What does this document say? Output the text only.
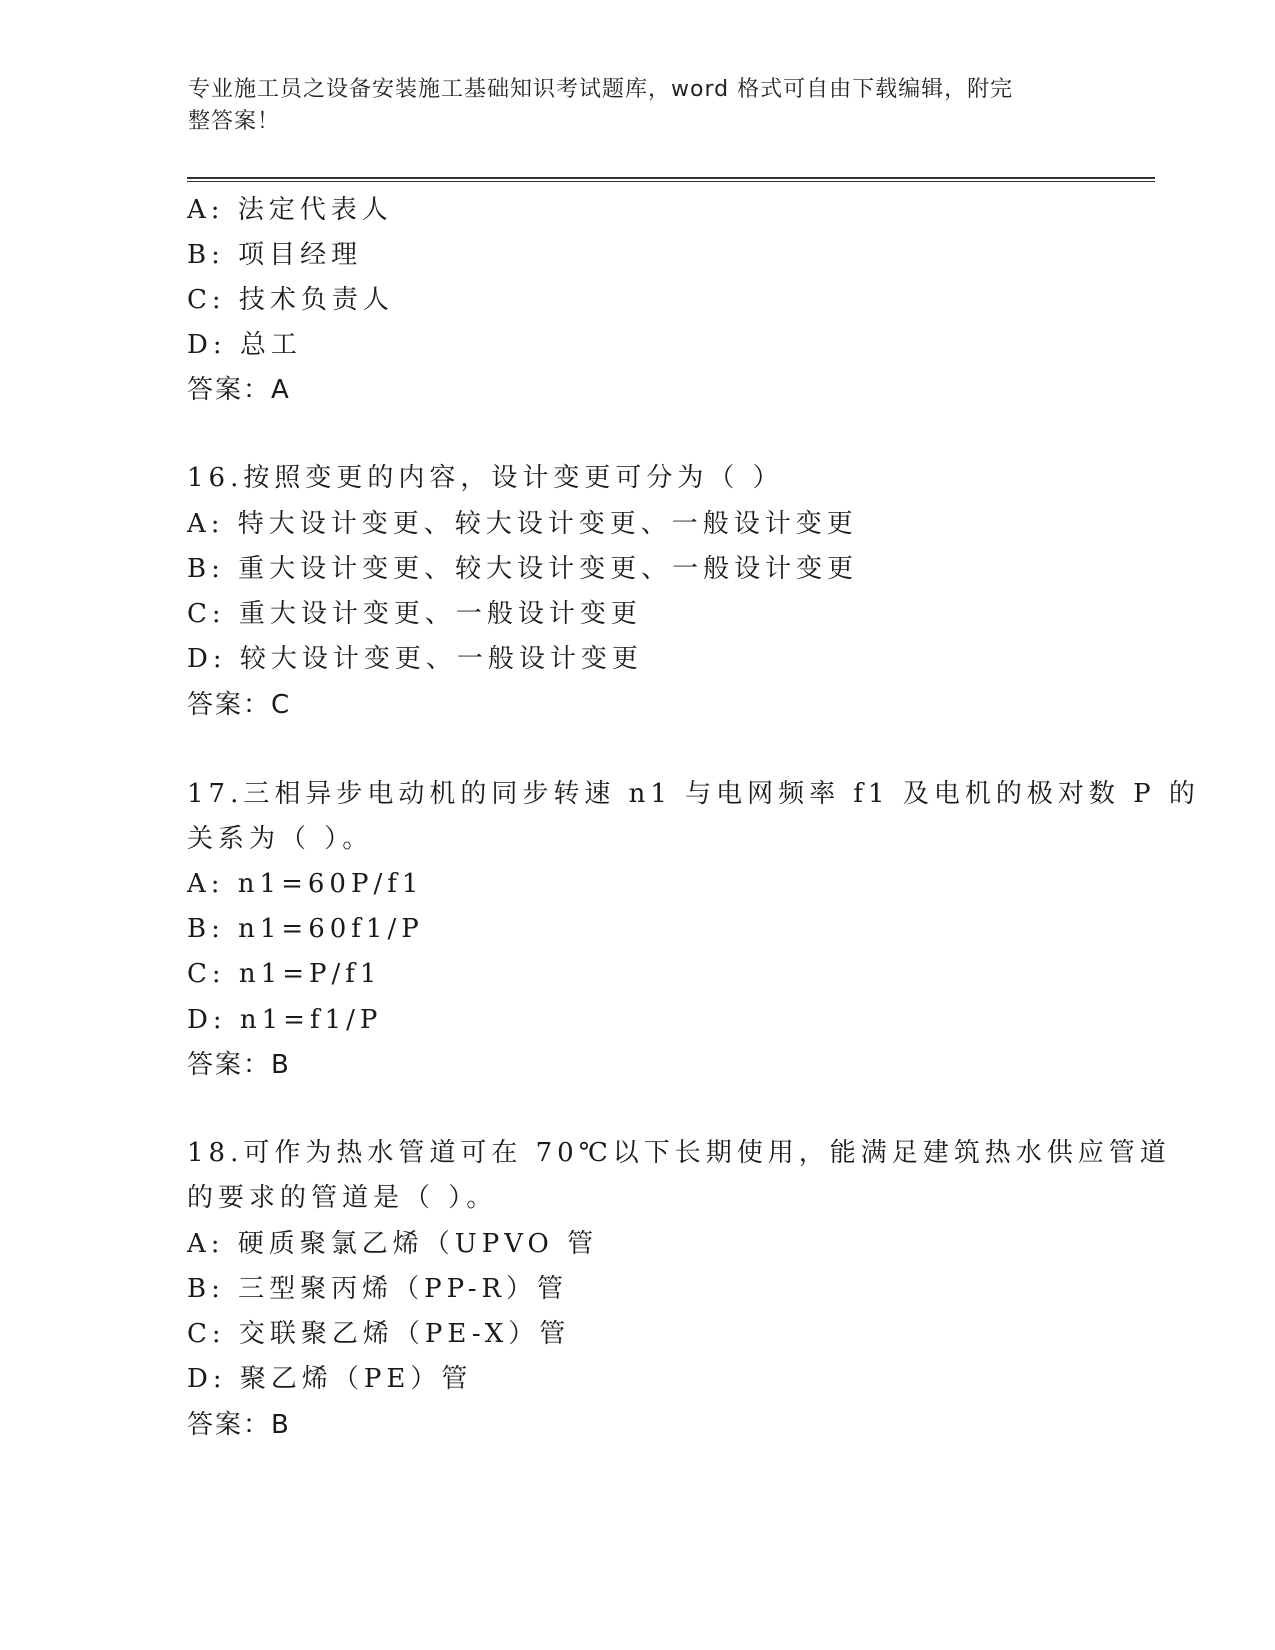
专业施工员之设备安装施工基础知识考试题库，word 格式可自由下载编辑，附完
整答案！
A: 法定代表人
B: 项目经理
C: 技术负责人
D: 总工
答案：A
16.按照变更的内容，设计变更可分为（ ）
A: 特大设计变更、较大设计变更、一般设计变更
B: 重大设计变更、较大设计变更、一般设计变更
C: 重大设计变更、一般设计变更
D: 较大设计变更、一般设计变更
答案：C
17.三相异步电动机的同步转速 n1 与电网频率 f1 及电机的极对数 P 的
关系为（ ）。
A: n1=60P/f1
B: n1=60f1/P
C: n1=P/f1
D: n1=f1/P
答案：B
18.可作为热水管道可在 70℃以下长期使用，能满足建筑热水供应管道
的要求的管道是（ ）。
A: 硬质聚氯乙烯（UPVO 管
B: 三型聚丙烯（PP-R）管
C: 交联聚乙烯（PE-X）管
D: 聚乙烯（PE）管
答案：B
